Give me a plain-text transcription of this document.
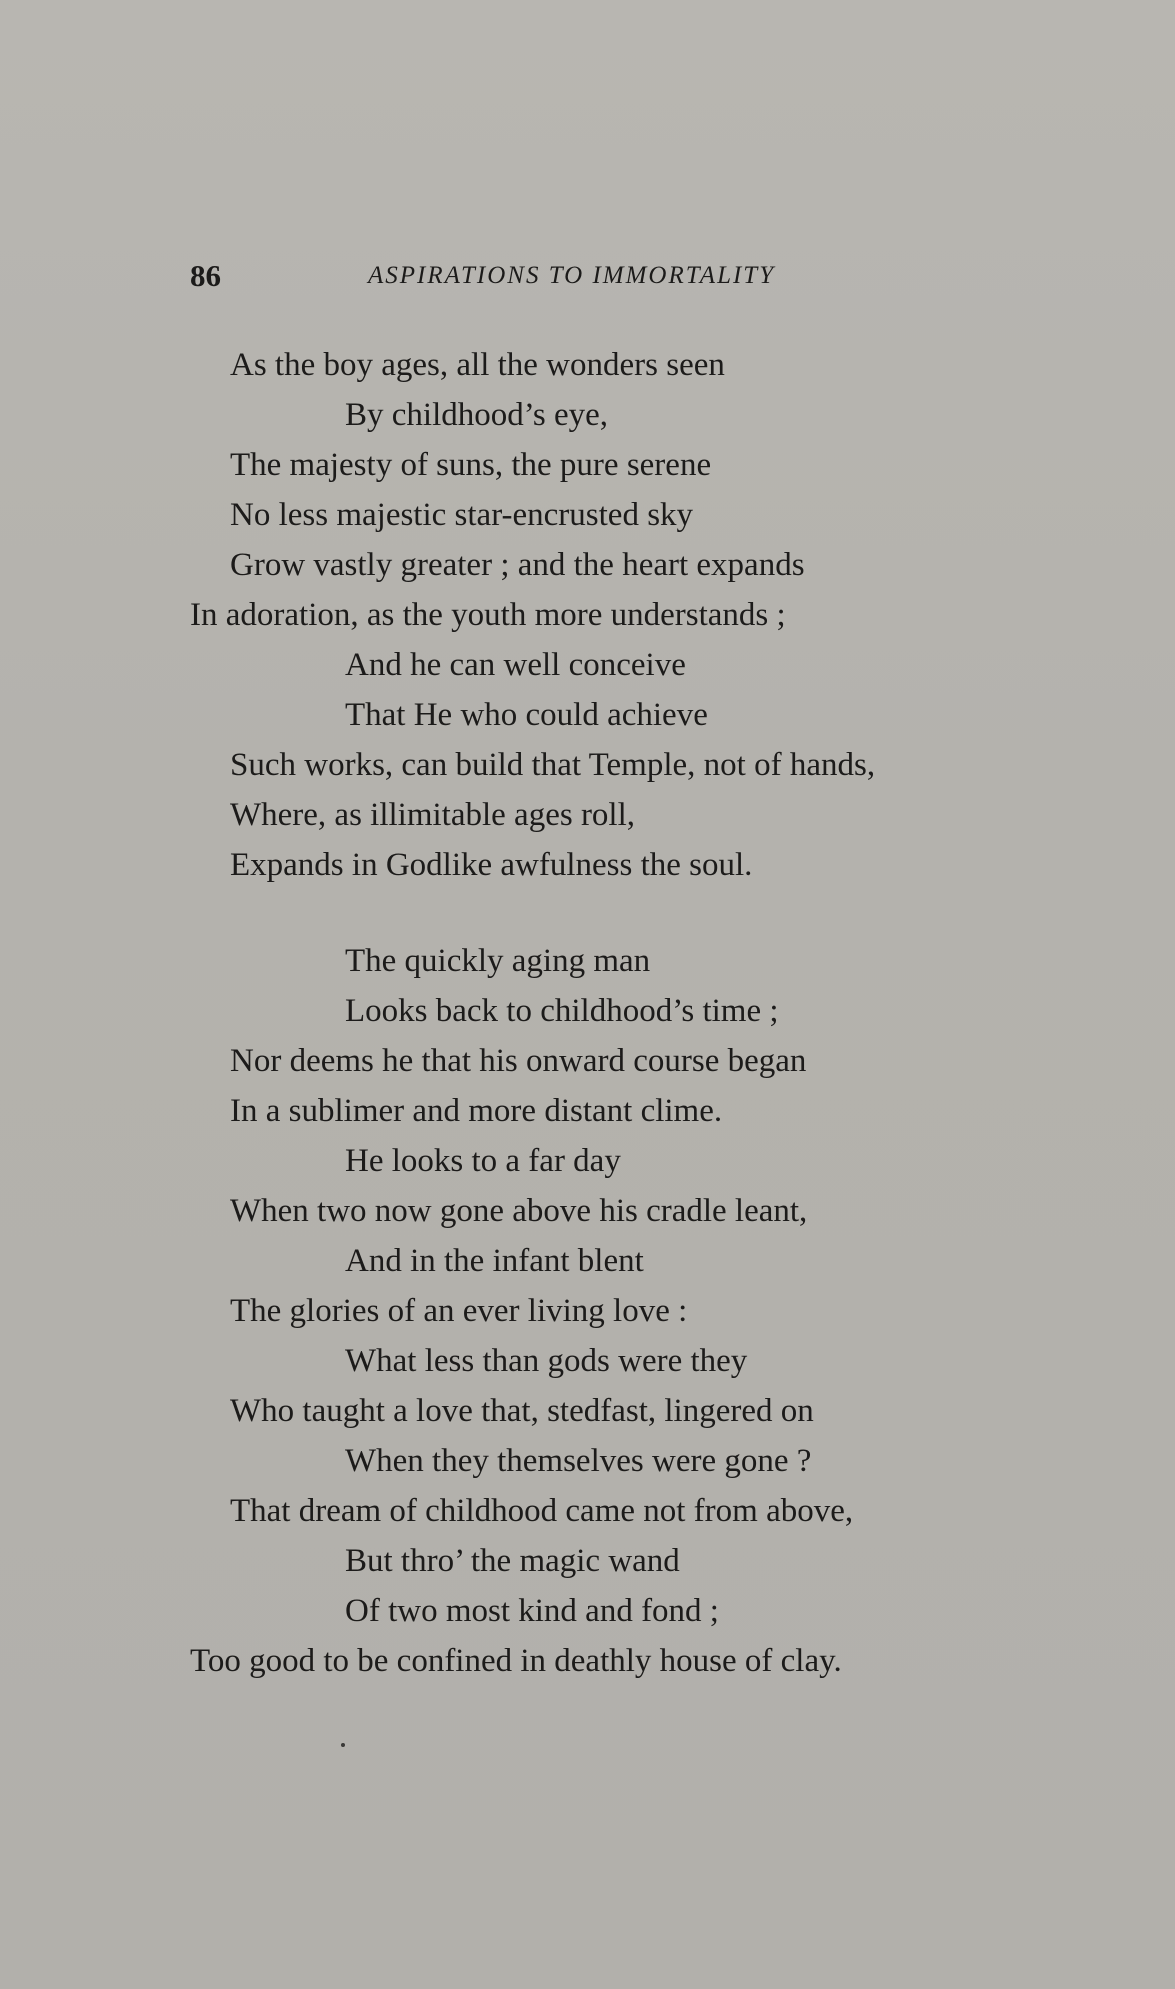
86	ASPIRATIONS TO IMMORTALITY
As the boy ages, all the wonders seen
By childhood’s eye,
The majesty of suns, the pure serene
No less majestic star-encrusted sky
Grow vastly greater ; and the heart expands
In adoration, as the youth more understands ;
And he can well conceive
That He who could achieve
Such works, can build that Temple, not of hands,
Where, as illimitable ages roll,
Expands in Godlike awfulness the soul.
The quickly aging man
Looks back to childhood’s time ;
Nor deems he that his onward course began
In a sublimer and more distant clime.
He looks to a far day
When two now gone above his cradle leant,
And in the infant blent
The glories of an ever living love :
What less than gods were they
Who taught a love that, stedfast, lingered on
When they themselves were gone ?
That dream of childhood came not from above,
But thro’ the magic wand
Of two most kind and fond ;
Too good to be confined in deathly house of clay.
